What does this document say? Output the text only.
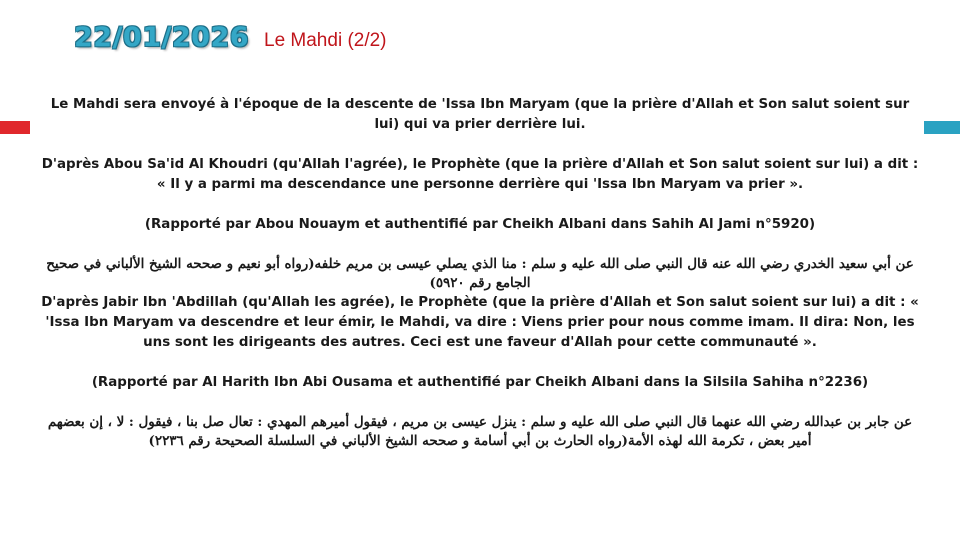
22/01/2026 Le Mahdi (2/2)

Le Mahdi sera envoyé à l'époque de la descente de 'Issa Ibn Maryam (que la prière d'Allah et Son salut soient sur lui) qui va prier derrière lui.

D'après Abou Sa'id Al Khoudri (qu'Allah l'agrée), le Prophète (que la prière d'Allah et Son salut soient sur lui) a dit : « Il y a parmi ma descendance une personne derrière qui 'Issa Ibn Maryam va prier ».

(Rapporté par Abou Nouaym et authentifié par Cheikh Albani dans Sahih Al Jami n°5920)

عن أبي سعيد الخدري رضي الله عنه قال النبي صلى الله عليه و سلم : منا الذي يصلي عيسى بن مريم خلفه(رواه أبو نعيم و صححه الشيخ الألباني في صحيح الجامع رقم ٥٩٢٠)

D'après Jabir Ibn 'Abdillah (qu'Allah les agrée), le Prophète (que la prière d'Allah et Son salut soient sur lui) a dit : « 'Issa Ibn Maryam va descendre et leur émir, le Mahdi, va dire : Viens prier pour nous comme imam. Il dira: Non, les uns sont les dirigeants des autres. Ceci est une faveur d'Allah pour cette communauté ».

(Rapporté par Al Harith Ibn Abi Ousama et authentifié par Cheikh Albani dans la Silsila Sahiha n°2236)

عن جابر بن عبدالله رضي الله عنهما قال النبي صلى الله عليه و سلم : ينزل عيسى بن مريم ، فيقول أميرهم المهدي : تعال صل بنا ، فيقول : لا ، إن بعضهم أمير بعض ، تكرمة الله لهذه الأمة(رواه الحارث بن أبي أسامة و صححه الشيخ الألباني في السلسلة الصحيحة رقم ٢٢٣٦)
